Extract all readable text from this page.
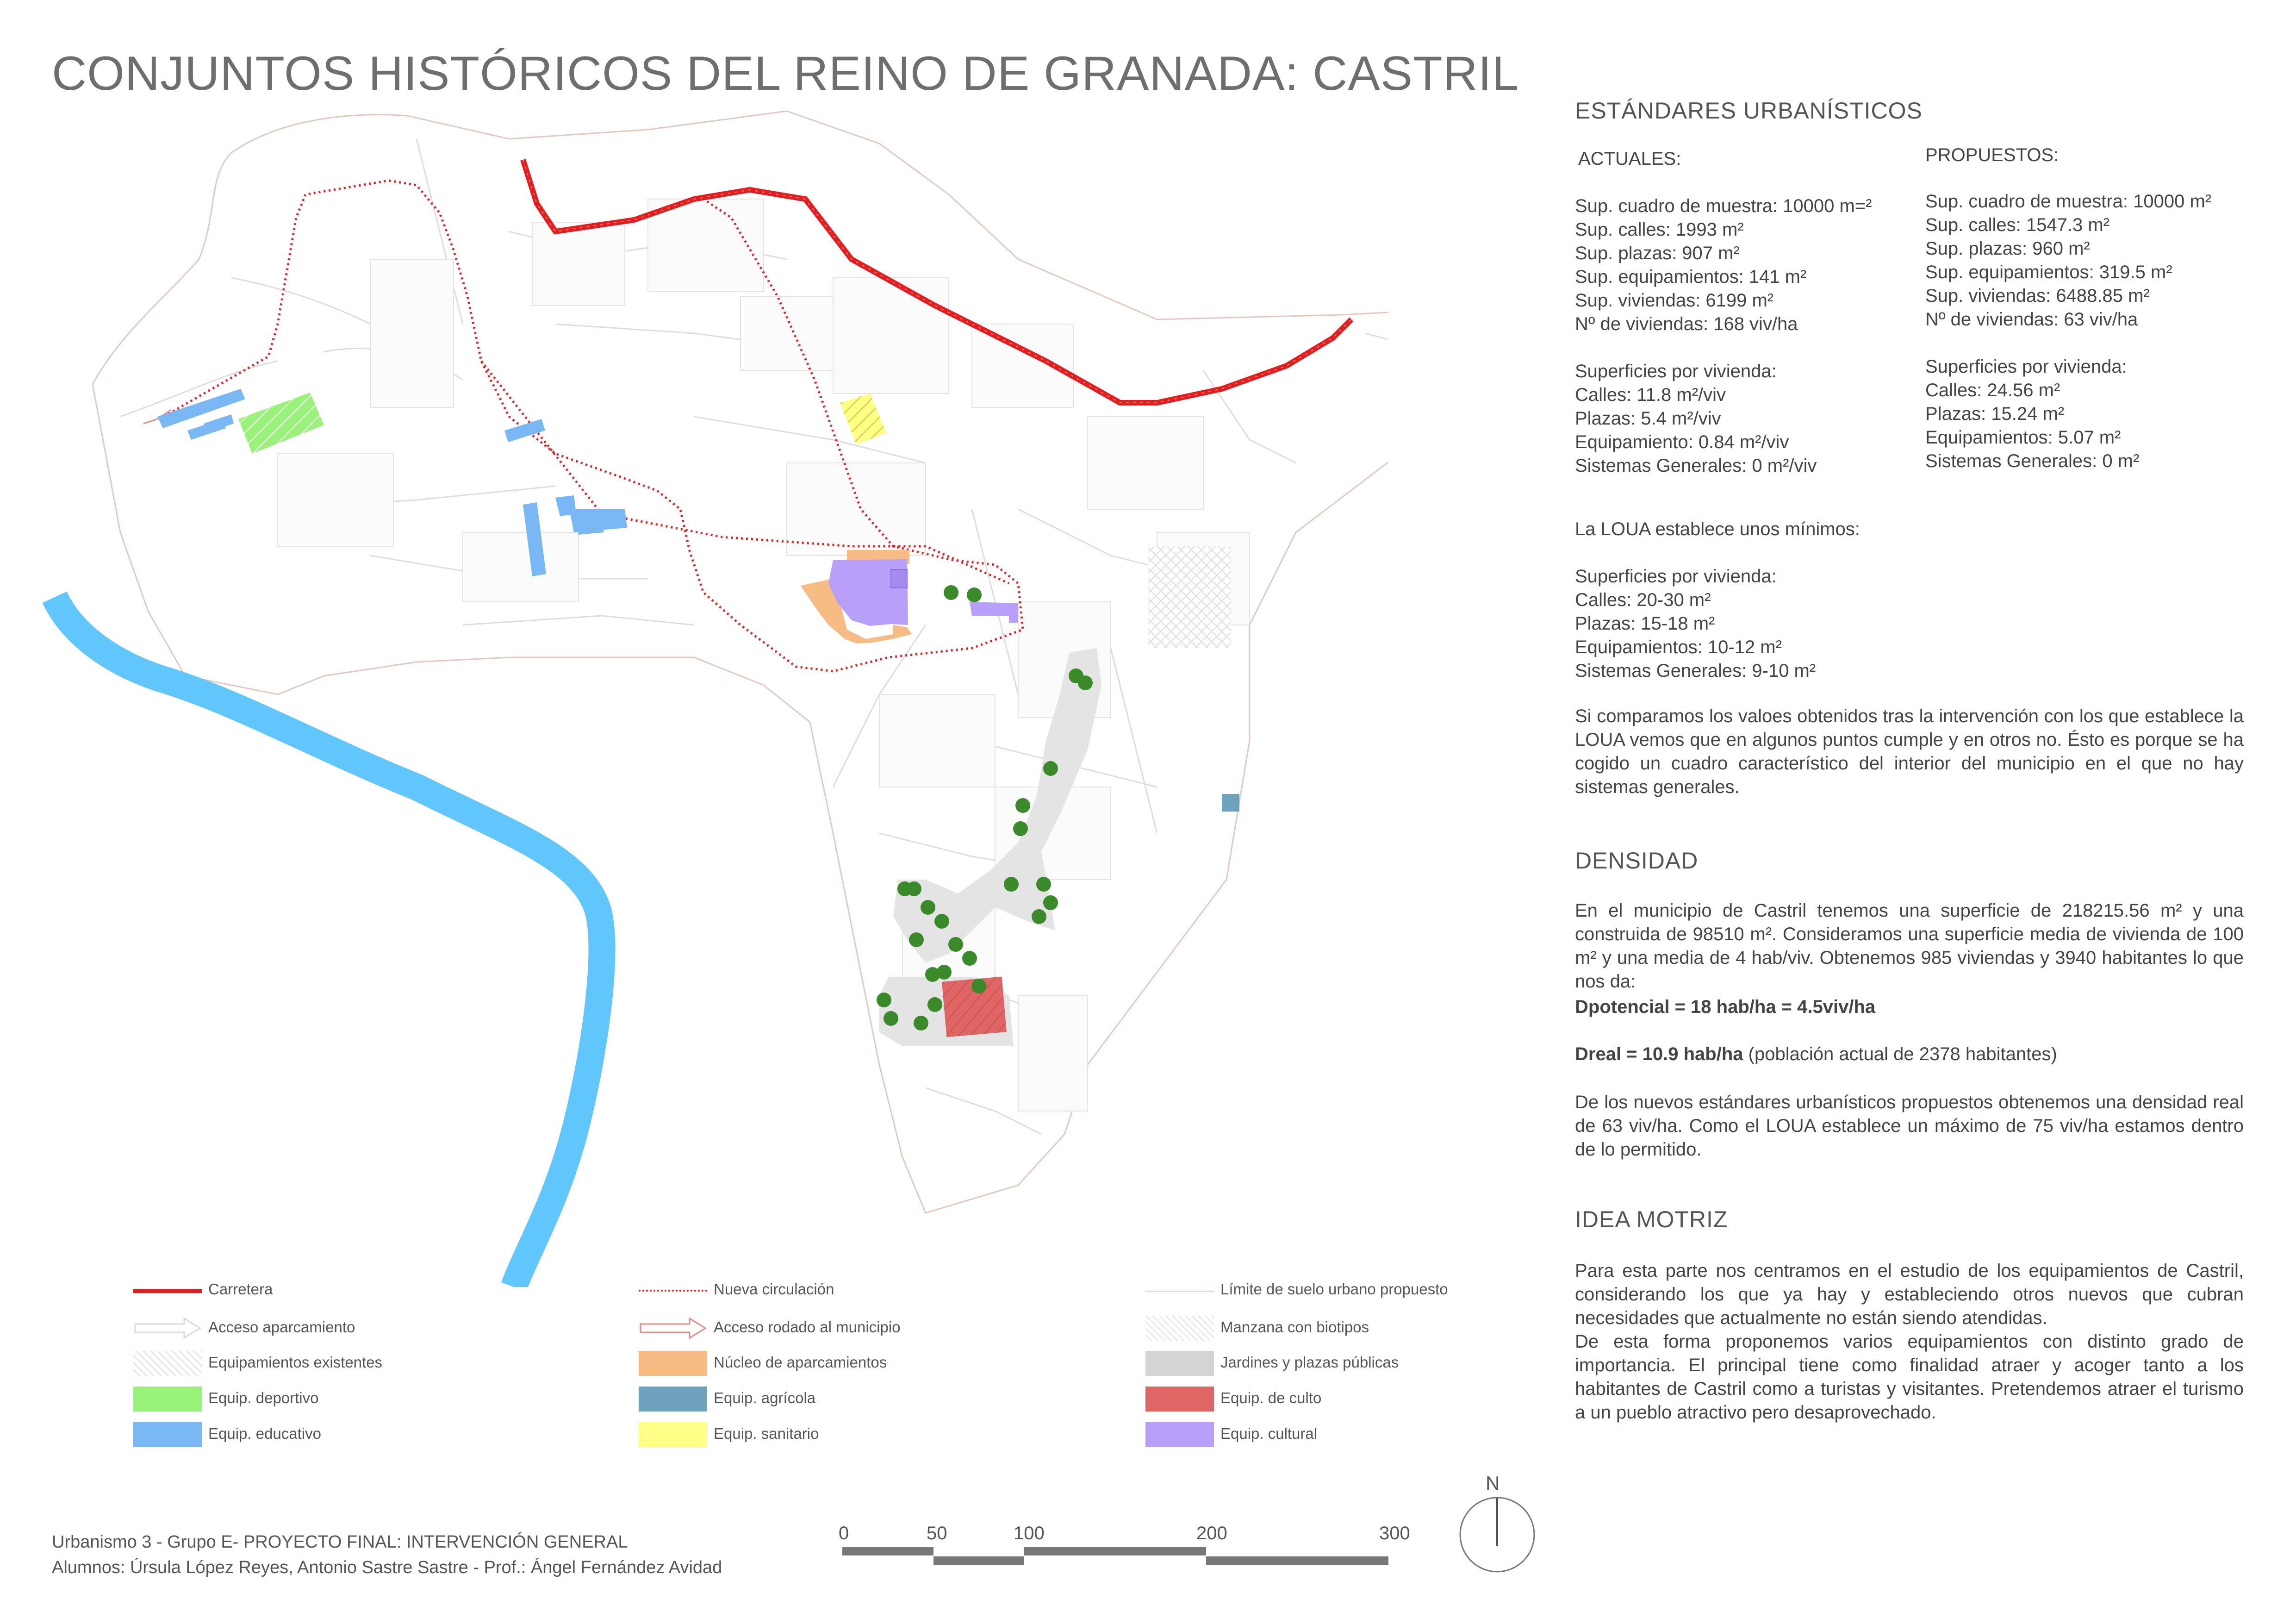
CONJUNTOS HISTÓRICOS DEL REINO DE GRANADA: CASTRIL
ESTÁNDARES URBANÍSTICOS
ACTUALES:
Sup. cuadro de muestra: 10000 m=²
Sup. calles: 1993 m²
Sup. plazas: 907 m²
Sup. equipamientos: 141 m²
Sup. viviendas: 6199 m²
Nº de viviendas: 168 viv/ha
Superficies por vivienda:
Calles: 11.8 m²/viv
Plazas: 5.4 m²/viv
Equipamiento: 0.84 m²/viv
Sistemas Generales: 0 m²/viv
PROPUESTOS:
Sup. cuadro de muestra: 10000 m²
Sup. calles: 1547.3 m²
Sup. plazas: 960 m²
Sup. equipamientos: 319.5 m²
Sup. viviendas: 6488.85 m²
Nº de viviendas: 63 viv/ha
Superficies por vivienda:
Calles: 24.56 m²
Plazas: 15.24 m²
Equipamientos: 5.07 m²
Sistemas Generales: 0 m²
La LOUA establece unos mínimos:
Superficies por vivienda:
Calles: 20-30 m²
Plazas: 15-18 m²
Equipamientos: 10-12 m²
Sistemas Generales: 9-10 m²
Si comparamos los valoes obtenidos tras la intervención con los que establece la LOUA vemos que en algunos puntos cumple y en otros no. Ésto es porque se ha cogido un cuadro característico del interior del municipio en el que no hay sistemas generales.
DENSIDAD
En el municipio de Castril tenemos una superficie de 218215.56 m² y una construida de 98510 m². Consideramos una superficie media de vivienda de 100 m² y una media de 4 hab/viv. Obtenemos 985 viviendas y 3940 habitantes lo que nos da:
Dpotencial = 18 hab/ha = 4.5viv/ha
Dreal = 10.9 hab/ha (población actual de 2378 habitantes)
De los nuevos estándares urbanísticos propuestos obtenemos una densidad real de 63 viv/ha. Como el LOUA establece un máximo de 75 viv/ha estamos dentro de lo permitido.
IDEA MOTRIZ
Para esta parte nos centramos en el estudio de los equipamientos de Castril, considerando los que ya hay y estableciendo otros nuevos que cubran necesidades que actualmente no están siendo atendidas.
De esta forma proponemos varios equipamientos con distinto grado de importancia. El principal tiene como finalidad atraer y acoger tanto a los habitantes de Castril como a turistas y visitantes. Pretendemos atraer el turismo a un pueblo atractivo pero desaprovechado.
Carretera
Acceso aparcamiento
Equipamientos existentes
Equip. deportivo
Equip. educativo
Nueva circulación
Acceso rodado al municipio
Núcleo de aparcamientos
Equip. agrícola
Equip. sanitario
Límite de suelo urbano propuesto
Manzana con biotipos
Jardines y plazas públicas
Equip. de culto
Equip. cultural
Urbanismo 3 - Grupo E- PROYECTO FINAL: INTERVENCIÓN GENERAL
Alumnos: Úrsula López Reyes, Antonio Sastre Sastre - Prof.: Ángel Fernández Avidad
0	50	100	200	300
N
